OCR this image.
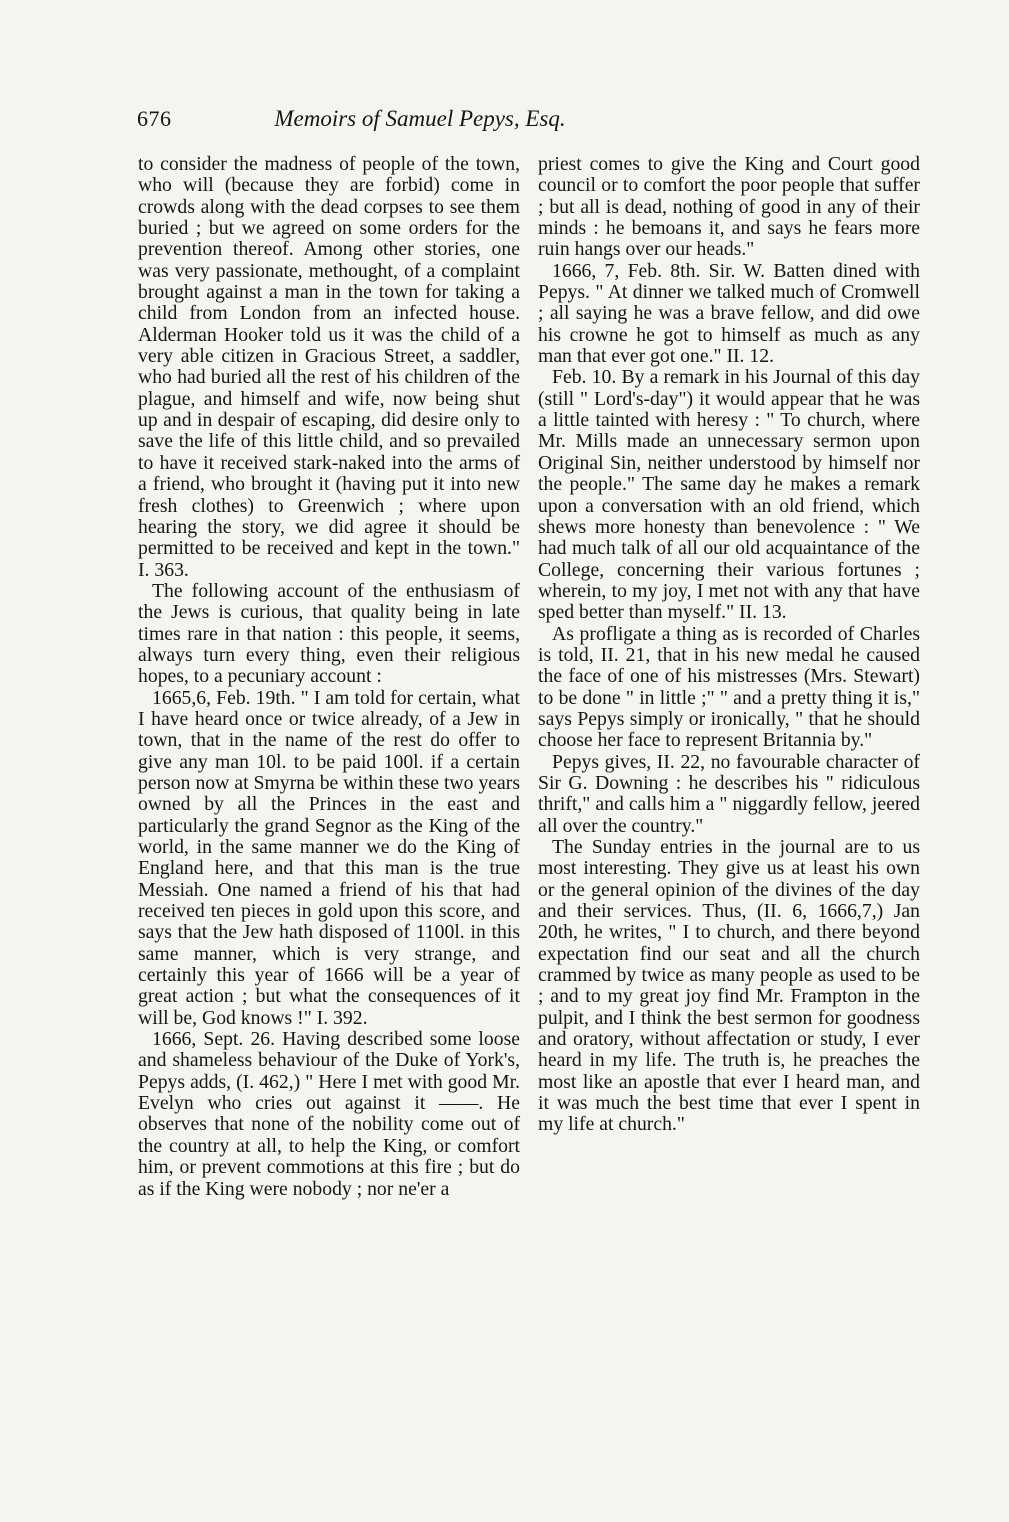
676	Memoirs of Samuel Pepys, Esq.

to consider the madness of people of the town, who will (because they are forbid) come in crowds along with the dead corpses to see them buried ; but we agreed on some orders for the prevention thereof. Among other stories, one was very passionate, methought, of a complaint brought against a man in the town for taking a child from London from an infected house. Alderman Hooker told us it was the child of a very able citizen in Gracious Street, a saddler, who had buried all the rest of his children of the plague, and himself and wife, now being shut up and in despair of escaping, did desire only to save the life of this little child, and so prevailed to have it received stark-naked into the arms of a friend, who brought it (having put it into new fresh clothes) to Greenwich ; where upon hearing the story, we did agree it should be permitted to be received and kept in the town." I. 363.

The following account of the enthusiasm of the Jews is curious, that quality being in late times rare in that nation : this people, it seems, always turn every thing, even their religious hopes, to a pecuniary account :

1665,6, Feb. 19th. " I am told for certain, what I have heard once or twice already, of a Jew in town, that in the name of the rest do offer to give any man 10l. to be paid 100l. if a certain person now at Smyrna be within these two years owned by all the Princes in the east and particularly the grand Segnor as the King of the world, in the same manner we do the King of England here, and that this man is the true Messiah. One named a friend of his that had received ten pieces in gold upon this score, and says that the Jew hath disposed of 1100l. in this same manner, which is very strange, and certainly this year of 1666 will be a year of great action ; but what the consequences of it will be, God knows !" I. 392.

1666, Sept. 26. Having described some loose and shameless behaviour of the Duke of York's, Pepys adds, (I. 462,) " Here I met with good Mr. Evelyn who cries out against it ——. He observes that none of the nobility come out of the country at all, to help the King, or comfort him, or prevent commotions at this fire ; but do as if the King were nobody ; nor ne'er a

priest comes to give the King and Court good council or to comfort the poor people that suffer ; but all is dead, nothing of good in any of their minds : he bemoans it, and says he fears more ruin hangs over our heads."

1666, 7, Feb. 8th. Sir. W. Batten dined with Pepys. " At dinner we talked much of Cromwell ; all saying he was a brave fellow, and did owe his crowne he got to himself as much as any man that ever got one." II. 12.

Feb. 10. By a remark in his Journal of this day (still " Lord's-day") it would appear that he was a little tainted with heresy : " To church, where Mr. Mills made an unnecessary sermon upon Original Sin, neither understood by himself nor the people." The same day he makes a remark upon a conversation with an old friend, which shews more honesty than benevolence : " We had much talk of all our old acquaintance of the College, concerning their various fortunes ; wherein, to my joy, I met not with any that have sped better than myself." II. 13.

As profligate a thing as is recorded of Charles is told, II. 21, that in his new medal he caused the face of one of his mistresses (Mrs. Stewart) to be done " in little ;" " and a pretty thing it is," says Pepys simply or ironically, " that he should choose her face to represent Britannia by."

Pepys gives, II. 22, no favourable character of Sir G. Downing : he describes his " ridiculous thrift," and calls him a " niggardly fellow, jeered all over the country."

The Sunday entries in the journal are to us most interesting. They give us at least his own or the general opinion of the divines of the day and their services. Thus, (II. 6, 1666,7,) Jan 20th, he writes, " I to church, and there beyond expectation find our seat and all the church crammed by twice as many people as used to be ; and to my great joy find Mr. Frampton in the pulpit, and I think the best sermon for goodness and oratory, without affectation or study, I ever heard in my life. The truth is, he preaches the most like an apostle that ever I heard man, and it was much the best time that ever I spent in my life at church."
